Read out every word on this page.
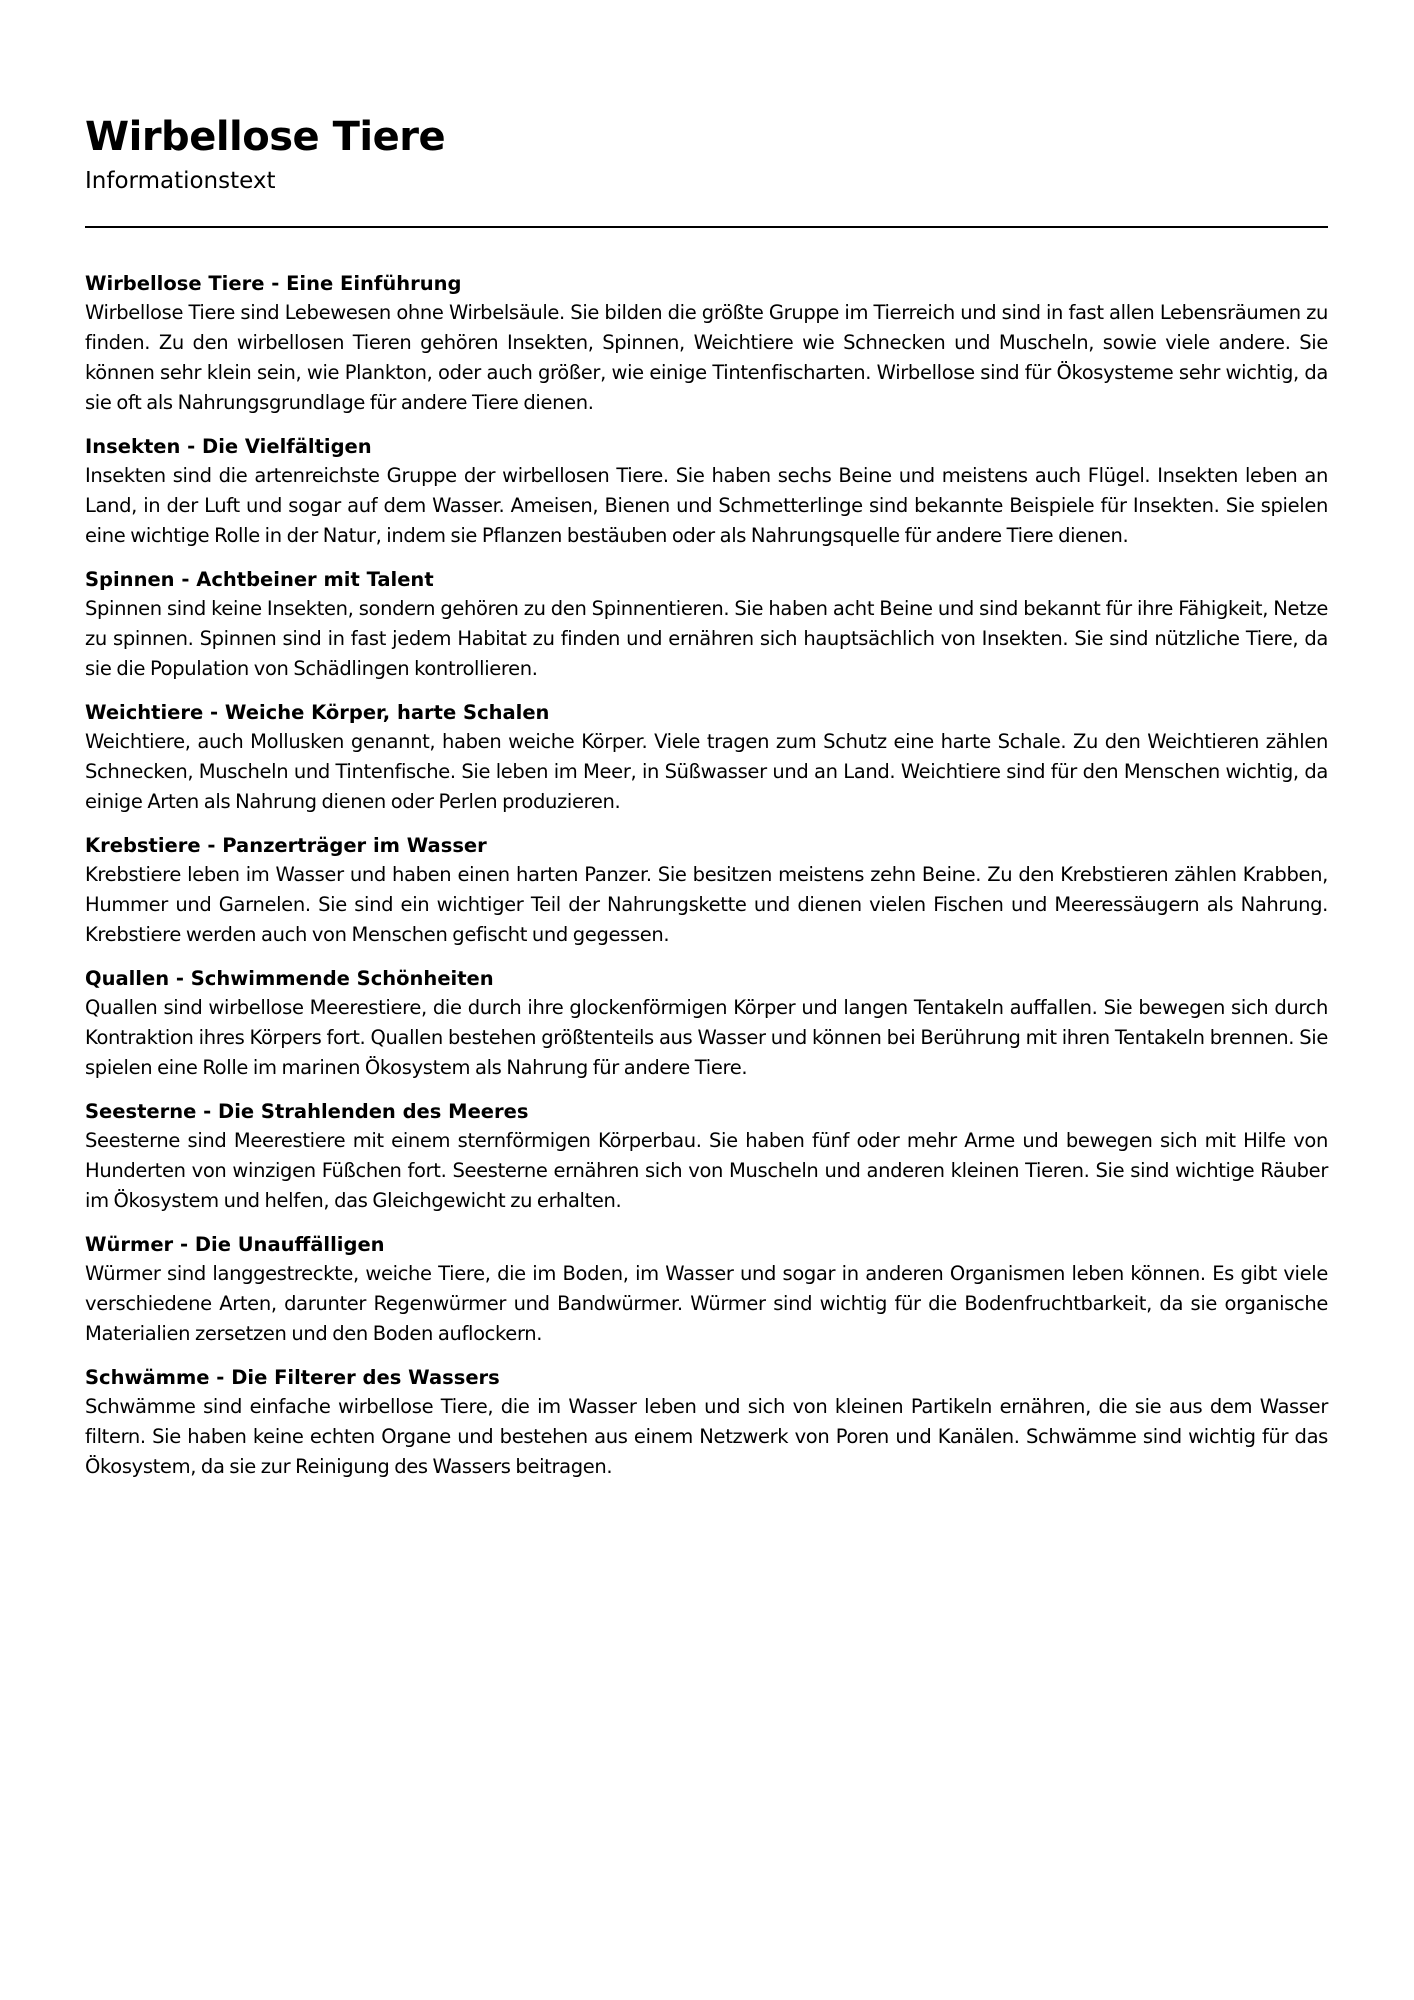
Wirbellose Tiere
Informationstext
Wirbellose Tiere - Eine Einführung

Wirbellose Tiere sind Lebewesen ohne Wirbelsäule. Sie bilden die größte Gruppe im Tierreich und sind in fast allen Lebensräumen zu finden. Zu den wirbellosen Tieren gehören Insekten, Spinnen, Weichtiere wie Schnecken und Muscheln, sowie viele andere. Sie können sehr klein sein, wie Plankton, oder auch größer, wie einige Tintenfischarten. Wirbellose sind für Ökosysteme sehr wichtig, da sie oft als Nahrungsgrundlage für andere Tiere dienen.

Insekten - Die Vielfältigen

Insekten sind die artenreichste Gruppe der wirbellosen Tiere. Sie haben sechs Beine und meistens auch Flügel. Insekten leben an Land, in der Luft und sogar auf dem Wasser. Ameisen, Bienen und Schmetterlinge sind bekannte Beispiele für Insekten. Sie spielen eine wichtige Rolle in der Natur, indem sie Pflanzen bestäuben oder als Nahrungsquelle für andere Tiere dienen.

Spinnen - Achtbeiner mit Talent

Spinnen sind keine Insekten, sondern gehören zu den Spinnentieren. Sie haben acht Beine und sind bekannt für ihre Fähigkeit, Netze zu spinnen. Spinnen sind in fast jedem Habitat zu finden und ernähren sich hauptsächlich von Insekten. Sie sind nützliche Tiere, da sie die Population von Schädlingen kontrollieren.

Weichtiere - Weiche Körper, harte Schalen

Weichtiere, auch Mollusken genannt, haben weiche Körper. Viele tragen zum Schutz eine harte Schale. Zu den Weichtieren zählen Schnecken, Muscheln und Tintenfische. Sie leben im Meer, in Süßwasser und an Land. Weichtiere sind für den Menschen wichtig, da einige Arten als Nahrung dienen oder Perlen produzieren.

Krebstiere - Panzerträger im Wasser

Krebstiere leben im Wasser und haben einen harten Panzer. Sie besitzen meistens zehn Beine. Zu den Krebstieren zählen Krabben, Hummer und Garnelen. Sie sind ein wichtiger Teil der Nahrungskette und dienen vielen Fischen und Meeressäugern als Nahrung. Krebstiere werden auch von Menschen gefischt und gegessen.

Quallen - Schwimmende Schönheiten

Quallen sind wirbellose Meerestiere, die durch ihre glockenförmigen Körper und langen Tentakeln auffallen. Sie bewegen sich durch Kontraktion ihres Körpers fort. Quallen bestehen größtenteils aus Wasser und können bei Berührung mit ihren Tentakeln brennen. Sie spielen eine Rolle im marinen Ökosystem als Nahrung für andere Tiere.

Seesterne - Die Strahlenden des Meeres

Seesterne sind Meerestiere mit einem sternförmigen Körperbau. Sie haben fünf oder mehr Arme und bewegen sich mit Hilfe von Hunderten von winzigen Füßchen fort. Seesterne ernähren sich von Muscheln und anderen kleinen Tieren. Sie sind wichtige Räuber im Ökosystem und helfen, das Gleichgewicht zu erhalten.

Würmer - Die Unauffälligen

Würmer sind langgestreckte, weiche Tiere, die im Boden, im Wasser und sogar in anderen Organismen leben können. Es gibt viele verschiedene Arten, darunter Regenwürmer und Bandwürmer. Würmer sind wichtig für die Bodenfruchtbarkeit, da sie organische Materialien zersetzen und den Boden auflockern.

Schwämme - Die Filterer des Wassers

Schwämme sind einfache wirbellose Tiere, die im Wasser leben und sich von kleinen Partikeln ernähren, die sie aus dem Wasser filtern. Sie haben keine echten Organe und bestehen aus einem Netzwerk von Poren und Kanälen. Schwämme sind wichtig für das Ökosystem, da sie zur Reinigung des Wassers beitragen.
